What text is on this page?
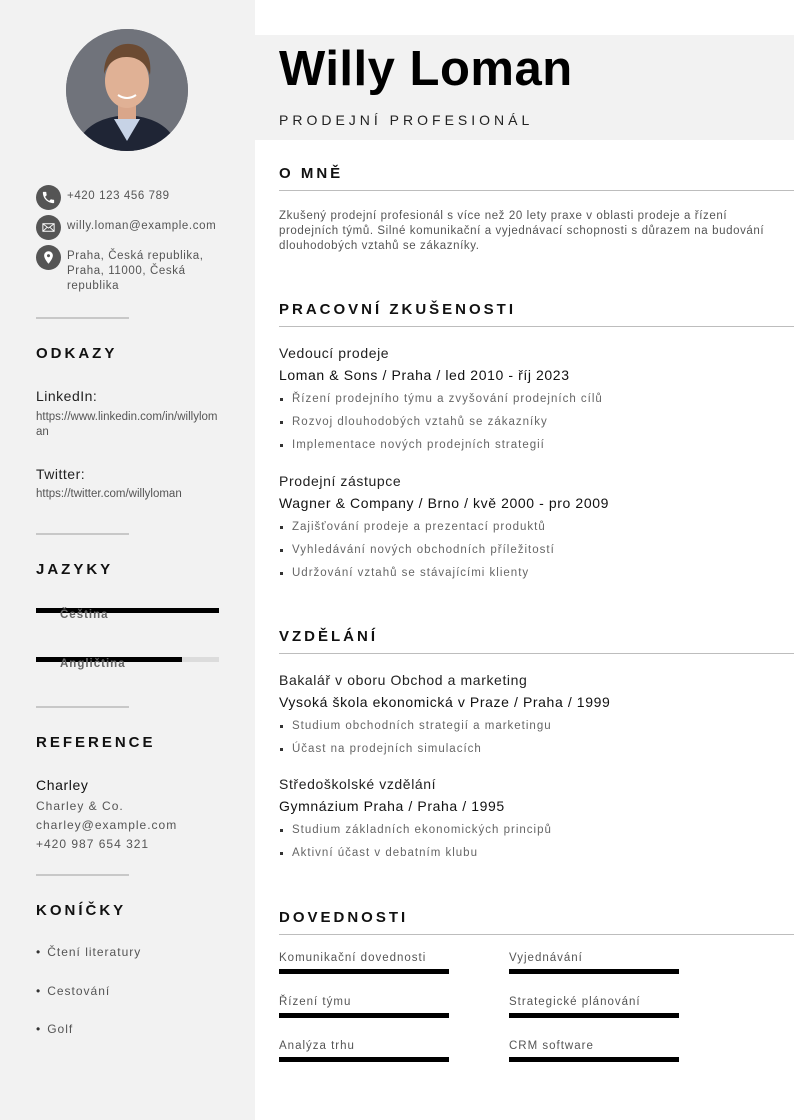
+420 123 456 789
willy.loman@example.com
Praha, Česká republika, Praha, 11000, Česká republika
ODKAZY
LinkedIn:
https://www.linkedin.com/in/willyloman
Twitter:
https://twitter.com/willyloman
JAZYKY
Čeština
Angličtina
REFERENCE
Charley
Charley & Co.
charley@example.com
+420 987 654 321
KONÍČKY
• Čtení literatury
• Cestování
• Golf
Willy Loman
PRODEJNÍ PROFESIONÁL
O MNĚ
Zkušený prodejní profesionál s více než 20 lety praxe v oblasti prodeje a řízení prodejních týmů. Silné komunikační a vyjednávací schopnosti s důrazem na budování dlouhodobých vztahů se zákazníky.
PRACOVNÍ ZKUŠENOSTI
Vedoucí prodeje
Loman & Sons / Praha / led 2010 - říj 2023
Řízení prodejního týmu a zvyšování prodejních cílů
Rozvoj dlouhodobých vztahů se zákazníky
Implementace nových prodejních strategií
Prodejní zástupce
Wagner & Company / Brno / kvě 2000 - pro 2009
Zajišťování prodeje a prezentací produktů
Vyhledávání nových obchodních příležitostí
Udržování vztahů se stávajícími klienty
VZDĚLÁNÍ
Bakalář v oboru Obchod a marketing
Vysoká škola ekonomická v Praze / Praha / 1999
Studium obchodních strategií a marketingu
Účast na prodejních simulacích
Středoškolské vzdělání
Gymnázium Praha / Praha / 1995
Studium základních ekonomických principů
Aktivní účast v debatním klubu
DOVEDNOSTI
Komunikační dovednosti	Vyjednávání
Řízení týmu	Strategické plánování
Analýza trhu	CRM software
